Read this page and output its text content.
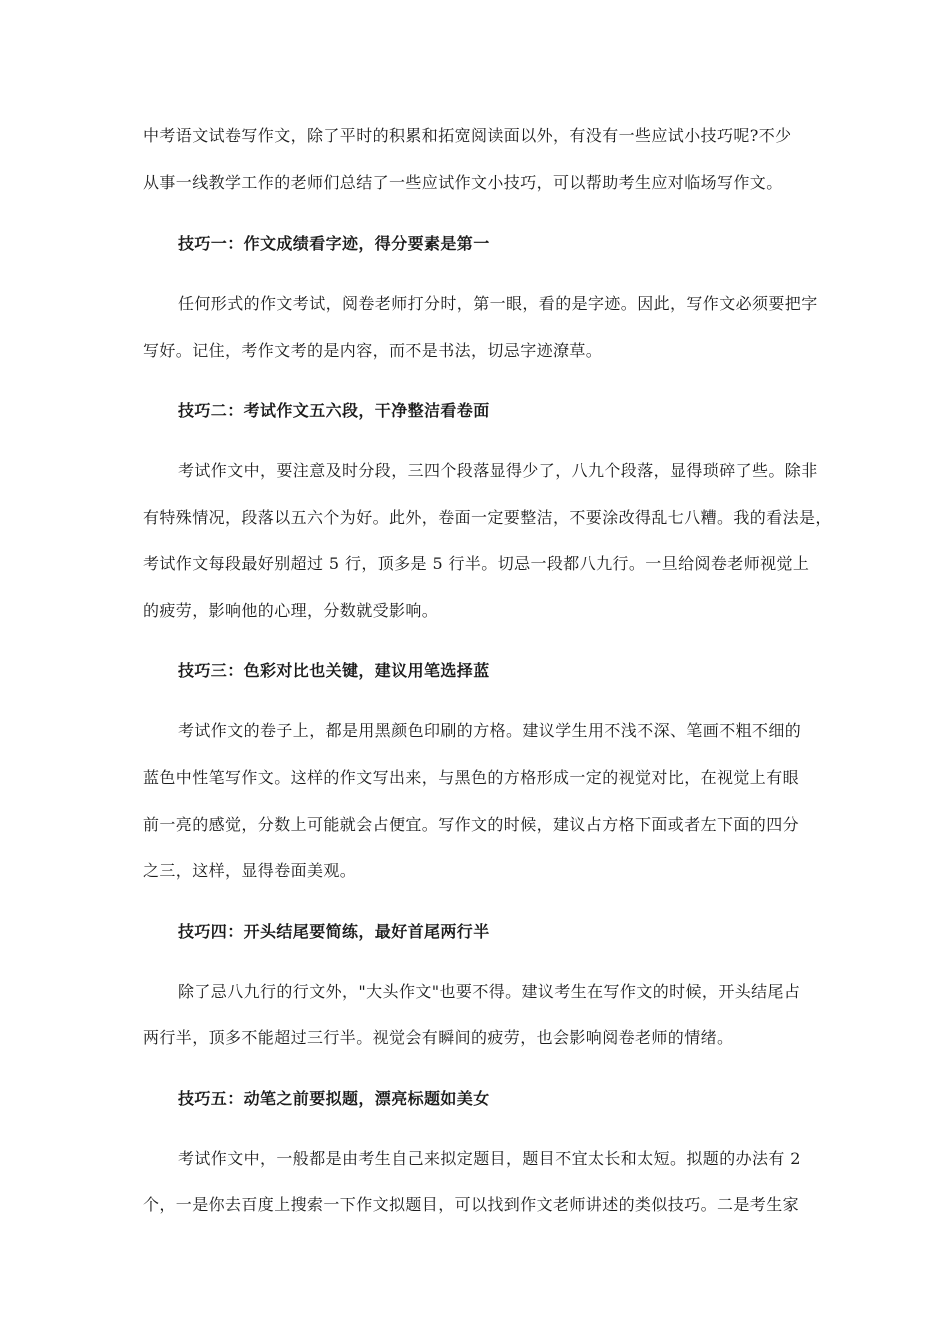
中考语文试卷写作文，除了平时的积累和拓宽阅读面以外，有没有一些应试小技巧呢?不少
从事一线教学工作的老师们总结了一些应试作文小技巧，可以帮助考生应对临场写作文。
技巧一：作文成绩看字迹，得分要素是第一
任何形式的作文考试，阅卷老师打分时，第一眼，看的是字迹。因此，写作文必须要把字
写好。记住，考作文考的是内容，而不是书法，切忌字迹潦草。
技巧二：考试作文五六段，干净整洁看卷面
考试作文中，要注意及时分段，三四个段落显得少了，八九个段落，显得琐碎了些。除非
有特殊情况，段落以五六个为好。此外，卷面一定要整洁，不要涂改得乱七八糟。我的看法是，
考试作文每段最好别超过 5 行，顶多是 5 行半。切忌一段都八九行。一旦给阅卷老师视觉上
的疲劳，影响他的心理，分数就受影响。
技巧三：色彩对比也关键，建议用笔选择蓝
考试作文的卷子上，都是用黑颜色印刷的方格。建议学生用不浅不深、笔画不粗不细的
蓝色中性笔写作文。这样的作文写出来，与黑色的方格形成一定的视觉对比，在视觉上有眼
前一亮的感觉，分数上可能就会占便宜。写作文的时候，建议占方格下面或者左下面的四分
之三，这样，显得卷面美观。
技巧四：开头结尾要简练，最好首尾两行半
除了忌八九行的行文外，"大头作文"也要不得。建议考生在写作文的时候，开头结尾占
两行半，顶多不能超过三行半。视觉会有瞬间的疲劳，也会影响阅卷老师的情绪。
技巧五：动笔之前要拟题，漂亮标题如美女
考试作文中，一般都是由考生自己来拟定题目，题目不宜太长和太短。拟题的办法有 2
个，一是你去百度上搜索一下作文拟题目，可以找到作文老师讲述的类似技巧。二是考生家
